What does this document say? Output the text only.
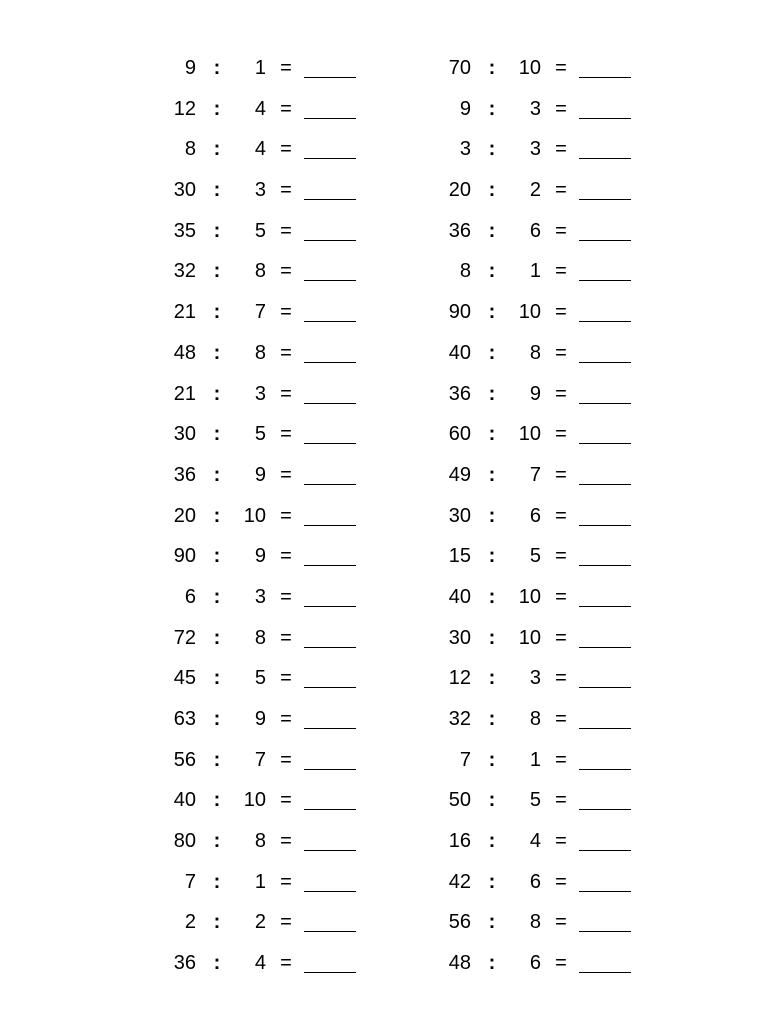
9 :	1 =
12 :	4 =
8 :	4 =
30 :	3 =
35 :	5 =
32 :	8 =
21 :	7 =
48 :	8 =
21 :	3 =
30 :	5 =
36 :	9 =
20 :	10 =
90 :	9 =
6 :	3 =
72 :	8 =
45 :	5 =
63 :	9 =
56 :	7 =
40 :	10 =
80 :	8 =
7 :	1 =
2 :	2 =
36 :	4 =
70 :	10 =
9 :	3 =
3 :	3 =
20 :	2 =
36 :	6 =
8 :	1 =
90 :	10 =
40 :	8 =
36 :	9 =
60 :	10 =
49 :	7 =
30 :	6 =
15 :	5 =
40 :	10 =
30 :	10 =
12 :	3 =
32 :	8 =
7 :	1 =
50 :	5 =
16 :	4 =
42 :	6 =
56 :	8 =
48 :	6 =
